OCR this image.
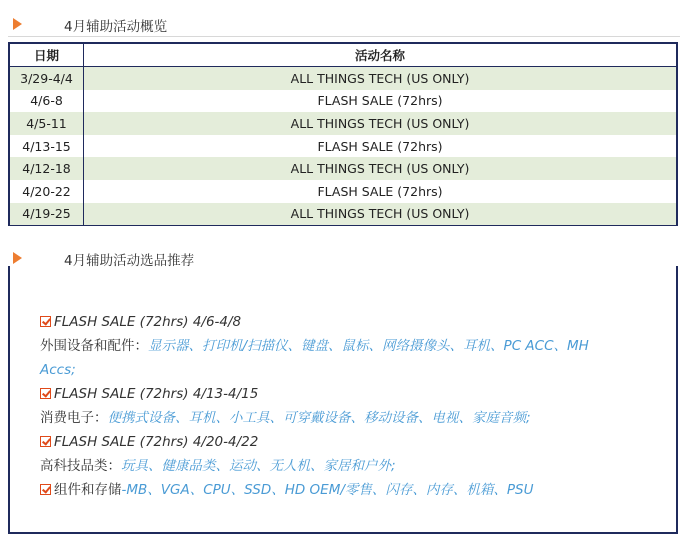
4月辅助活动概览
日期	活动名称
3/29-4/4	ALL THINGS TECH (US ONLY)
4/6-8	FLASH SALE (72hrs)
4/5-11	ALL THINGS TECH (US ONLY)
4/13-15	FLASH SALE (72hrs)
4/12-18	ALL THINGS TECH (US ONLY)
4/20-22	FLASH SALE (72hrs)
4/19-25	ALL THINGS TECH (US ONLY)
4月辅助活动选品推荐
FLASH SALE (72hrs) 4/6-4/8
外围设备和配件：显示器、打印机/扫描仪、键盘、鼠标、网络摄像头、耳机、PC ACC、MH
Accs;
FLASH SALE (72hrs) 4/13-4/15
消费电子：便携式设备、耳机、小工具、可穿戴设备、移动设备、电视、家庭音频;
FLASH SALE (72hrs) 4/20-4/22
高科技品类：玩具、健康品类、运动、无人机、家居和户外;
组件和存储-MB、VGA、CPU、SSD、HD OEM/零售、闪存、内存、机箱、PSU
